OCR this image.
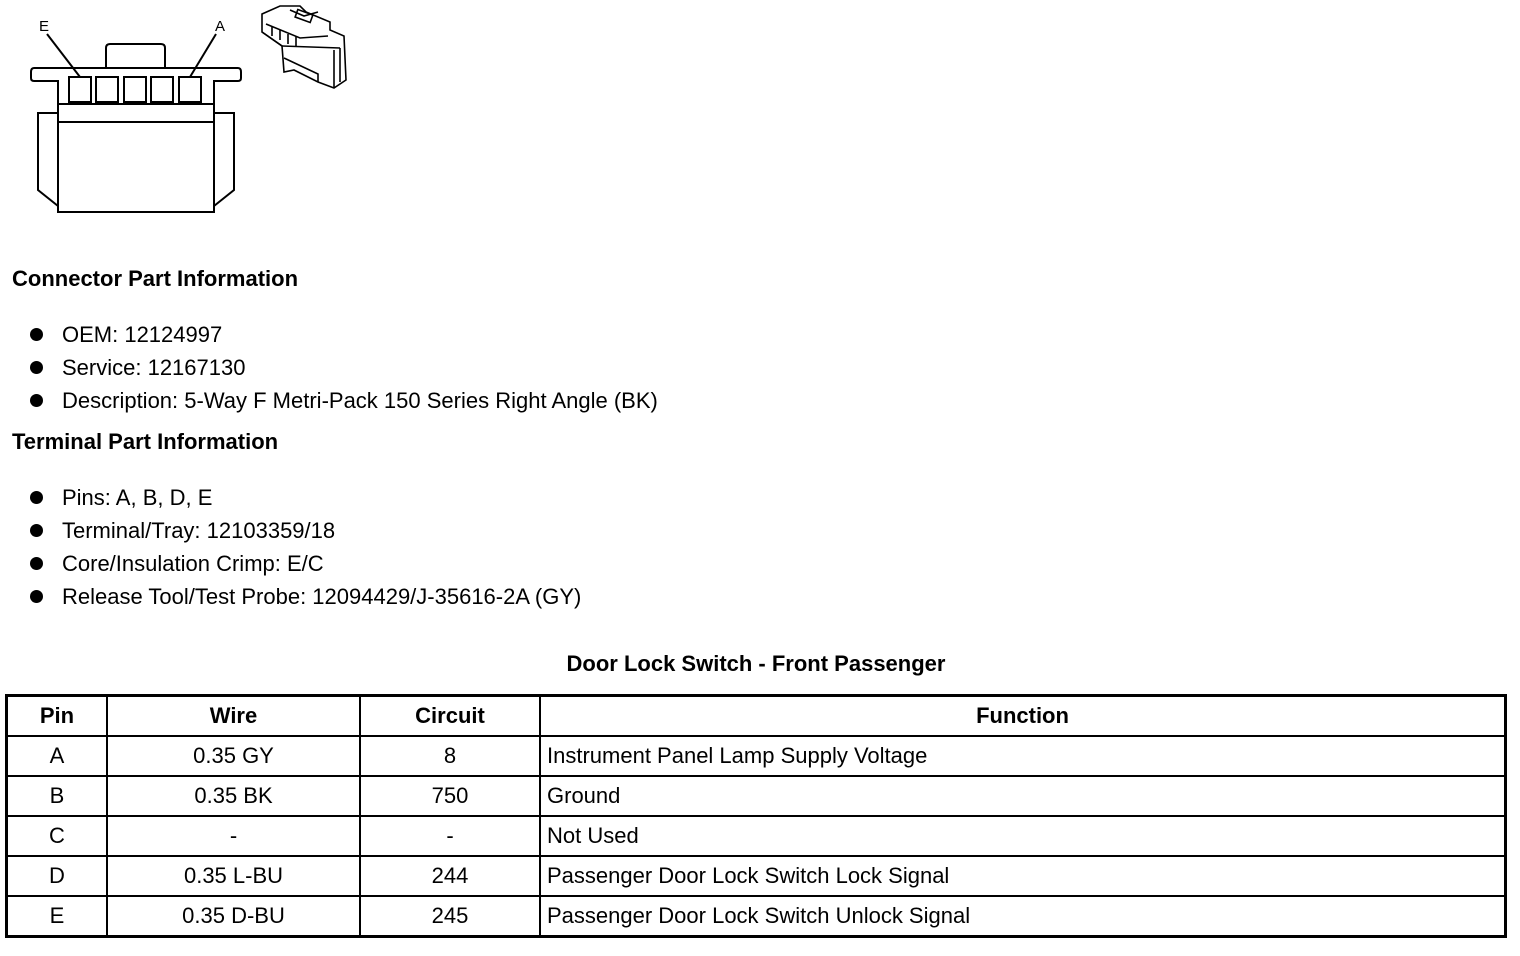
E	A
Connector Part Information
OEM: 12124997
Service: 12167130
Description: 5-Way F Metri-Pack 150 Series Right Angle (BK)
Terminal Part Information
Pins: A, B, D, E
Terminal/Tray: 12103359/18
Core/Insulation Crimp: E/C
Release Tool/Test Probe: 12094429/J-35616-2A (GY)
Door Lock Switch - Front Passenger
Pin	Wire	Circuit	Function
A	0.35 GY	8	Instrument Panel Lamp Supply Voltage
B	0.35 BK	750	Ground
C	-	-	Not Used
D	0.35 L-BU	244	Passenger Door Lock Switch Lock Signal
E	0.35 D-BU	245	Passenger Door Lock Switch Unlock Signal
